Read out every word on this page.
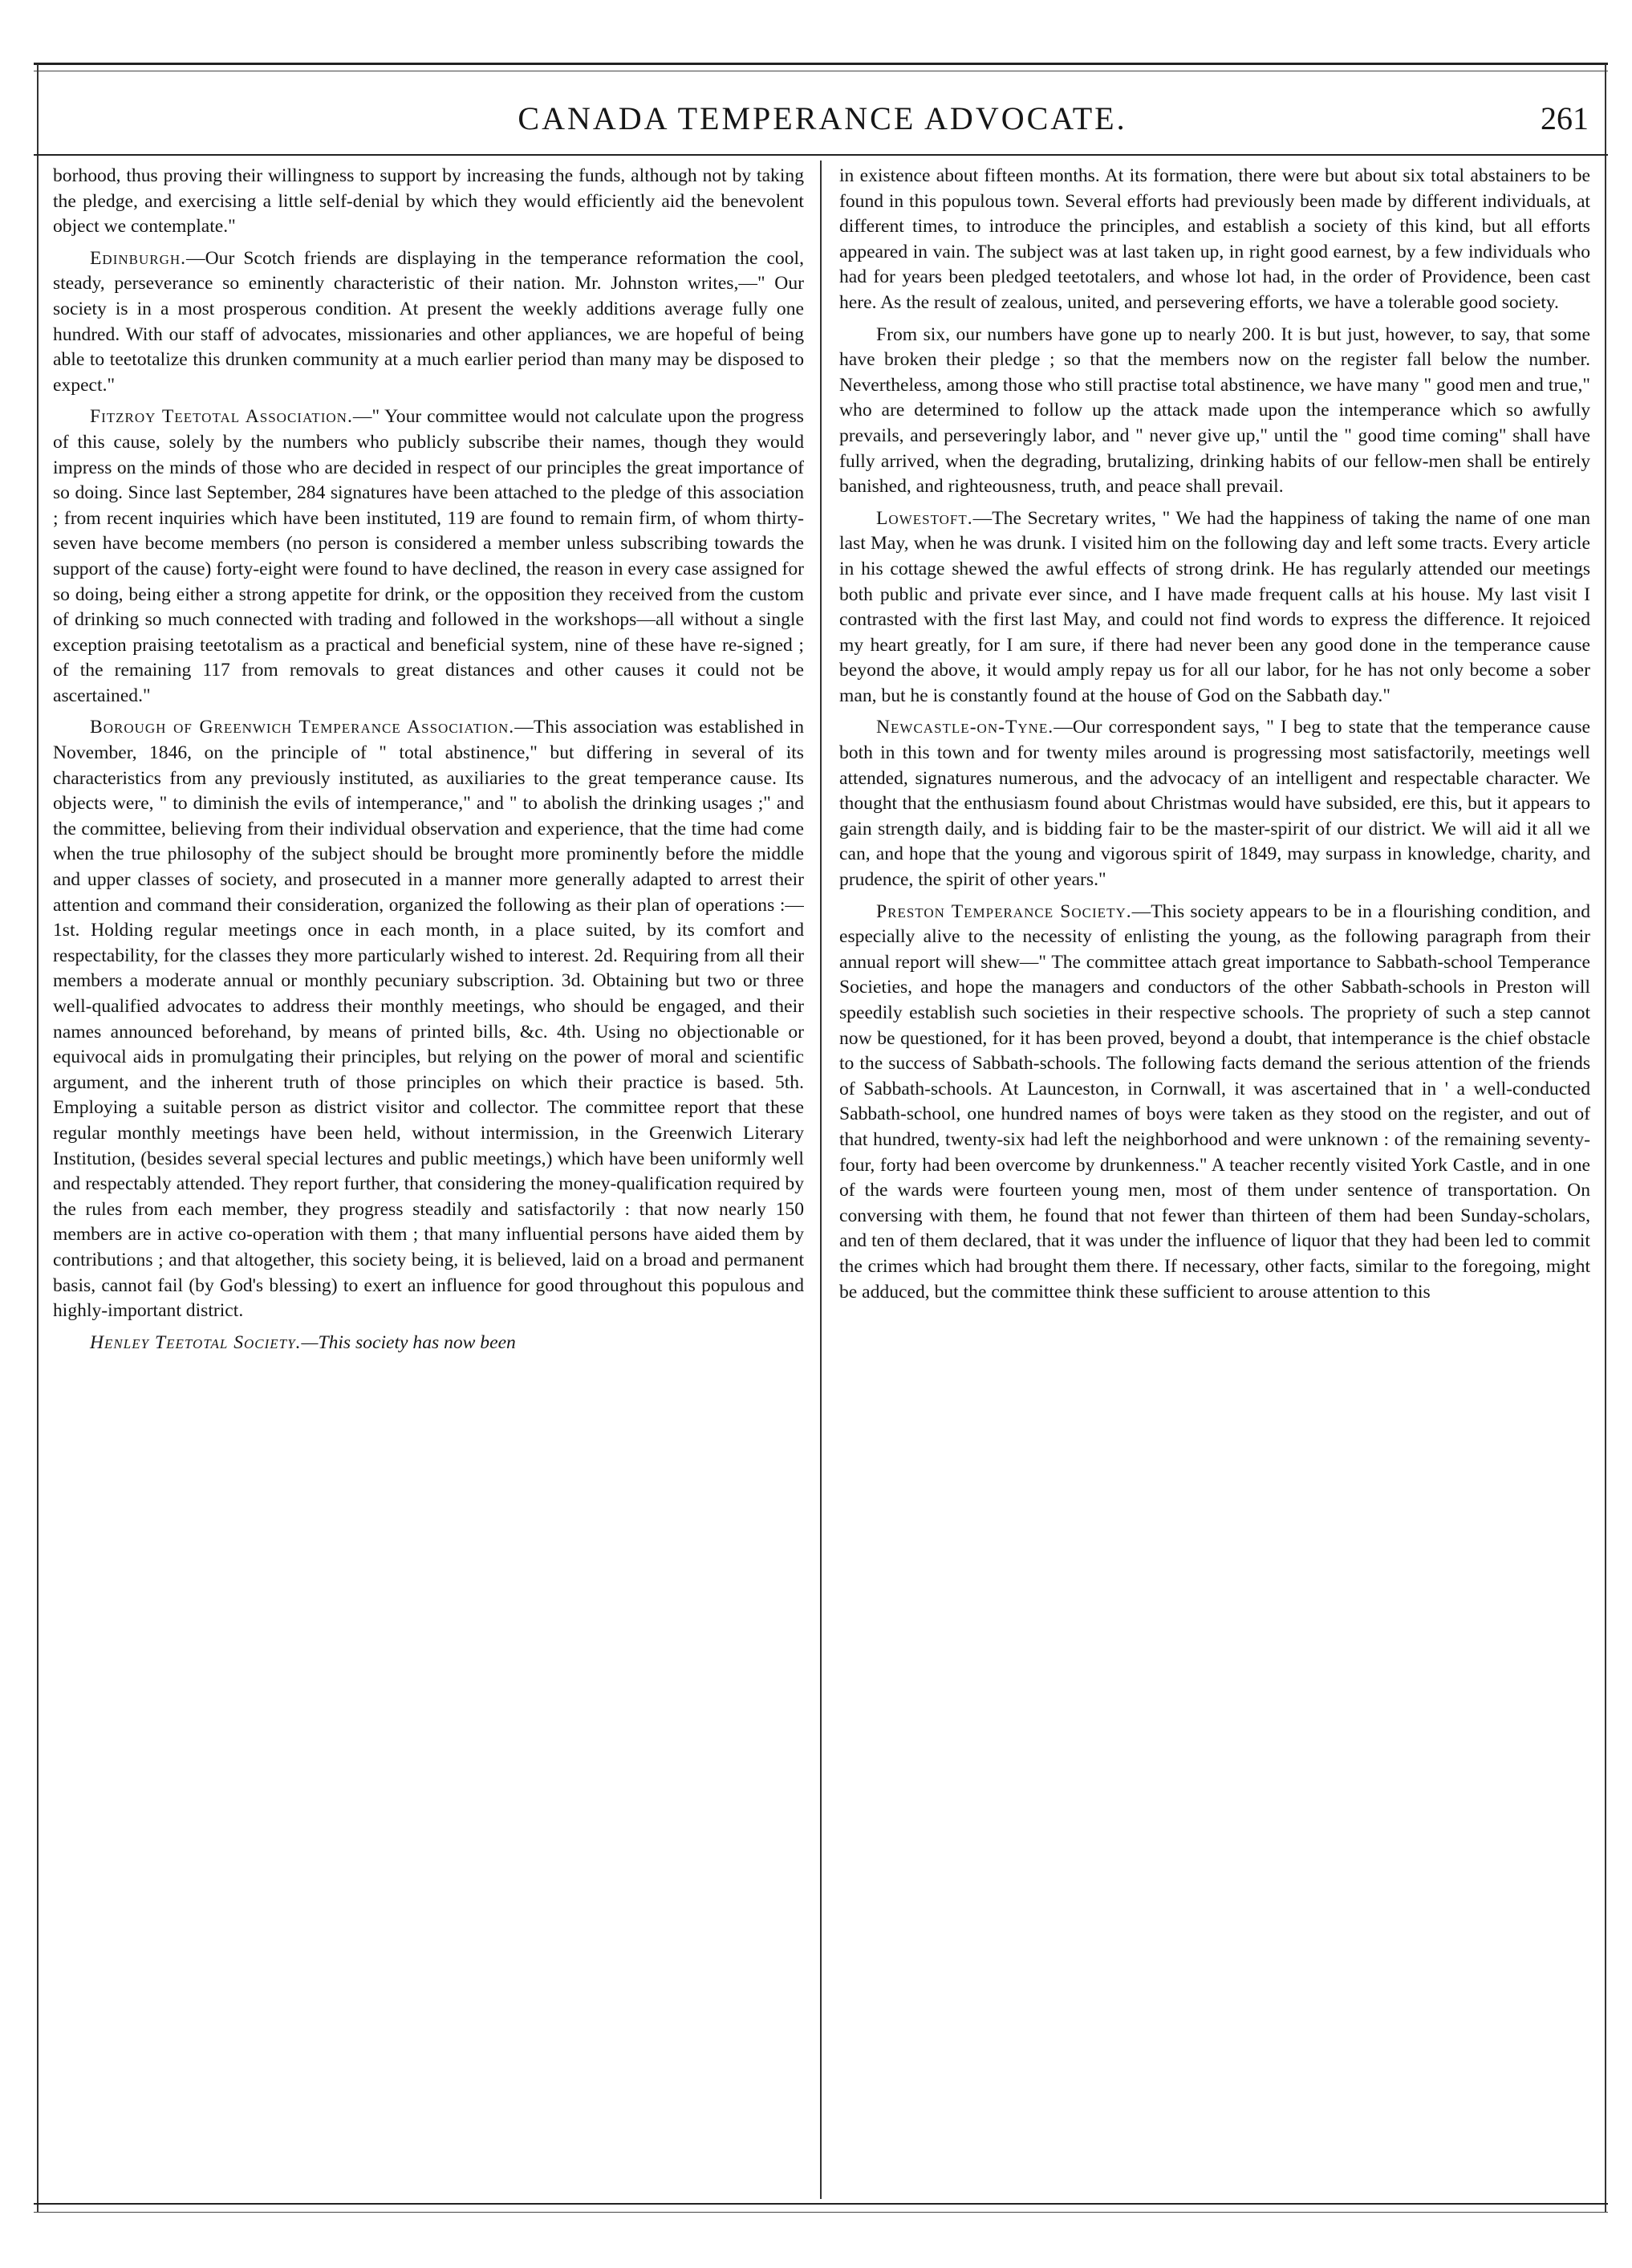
CANADA TEMPERANCE ADVOCATE.	261

borhood, thus proving their willingness to support by increasing the funds, although not by taking the pledge, and exercising a little self-denial by which they would efficiently aid the benevolent object we contemplate."

Edinburgh.—Our Scotch friends are displaying in the temperance reformation the cool, steady, perseverance so eminently characteristic of their nation. Mr. Johnston writes,—" Our society is in a most prosperous condition. At present the weekly additions average fully one hundred. With our staff of advocates, missionaries and other appliances, we are hopeful of being able to teetotalize this drunken community at a much earlier period than many may be disposed to expect."

Fitzroy Teetotal Association.—" Your committee would not calculate upon the progress of this cause, solely by the numbers who publicly subscribe their names, though they would impress on the minds of those who are decided in respect of our principles the great importance of so doing. Since last September, 284 signatures have been attached to the pledge of this association ; from recent inquiries which have been instituted, 119 are found to remain firm, of whom thirty-seven have become members (no person is considered a member unless subscribing towards the support of the cause) forty-eight were found to have declined, the reason in every case assigned for so doing, being either a strong appetite for drink, or the opposition they received from the custom of drinking so much connected with trading and followed in the workshops—all without a single exception praising teetotalism as a practical and beneficial system, nine of these have re-signed ; of the remaining 117 from removals to great distances and other causes it could not be ascertained."

Borough of Greenwich Temperance Association.—This association was established in November, 1846, on the principle of " total abstinence," but differing in several of its characteristics from any previously instituted, as auxiliaries to the great temperance cause. Its objects were, " to diminish the evils of intemperance," and " to abolish the drinking usages ;" and the committee, believing from their individual observation and experience, that the time had come when the true philosophy of the subject should be brought more prominently before the middle and upper classes of society, and prosecuted in a manner more generally adapted to arrest their attention and command their consideration, organized the following as their plan of operations :—1st. Holding regular meetings once in each month, in a place suited, by its comfort and respectability, for the classes they more particularly wished to interest. 2d. Requiring from all their members a moderate annual or monthly pecuniary subscription. 3d. Obtaining but two or three well-qualified advocates to address their monthly meetings, who should be engaged, and their names announced beforehand, by means of printed bills, &c. 4th. Using no objectionable or equivocal aids in promulgating their principles, but relying on the power of moral and scientific argument, and the inherent truth of those principles on which their practice is based. 5th. Employing a suitable person as district visitor and collector. The committee report that these regular monthly meetings have been held, without intermission, in the Greenwich Literary Institution, (besides several special lectures and public meetings,) which have been uniformly well and respectably attended. They report further, that considering the money-qualification required by the rules from each member, they progress steadily and satisfactorily : that now nearly 150 members are in active co-operation with them ; that many influential persons have aided them by contributions ; and that altogether, this society being, it is believed, laid on a broad and permanent basis, cannot fail (by God's blessing) to exert an influence for good throughout this populous and highly-important district.

Henley Teetotal Society.—This society has now been

in existence about fifteen months. At its formation, there were but about six total abstainers to be found in this populous town. Several efforts had previously been made by different individuals, at different times, to introduce the principles, and establish a society of this kind, but all efforts appeared in vain. The subject was at last taken up, in right good earnest, by a few individuals who had for years been pledged teetotalers, and whose lot had, in the order of Providence, been cast here. As the result of zealous, united, and persevering efforts, we have a tolerable good society.

From six, our numbers have gone up to nearly 200. It is but just, however, to say, that some have broken their pledge ; so that the members now on the register fall below the number. Nevertheless, among those who still practise total abstinence, we have many " good men and true," who are determined to follow up the attack made upon the intemperance which so awfully prevails, and perseveringly labor, and " never give up," until the " good time coming" shall have fully arrived, when the degrading, brutalizing, drinking habits of our fellow-men shall be entirely banished, and righteousness, truth, and peace shall prevail.

Lowestoft.—The Secretary writes, " We had the happiness of taking the name of one man last May, when he was drunk. I visited him on the following day and left some tracts. Every article in his cottage shewed the awful effects of strong drink. He has regularly attended our meetings both public and private ever since, and I have made frequent calls at his house. My last visit I contrasted with the first last May, and could not find words to express the difference. It rejoiced my heart greatly, for I am sure, if there had never been any good done in the temperance cause beyond the above, it would amply repay us for all our labor, for he has not only become a sober man, but he is constantly found at the house of God on the Sabbath day."

Newcastle-on-Tyne.—Our correspondent says, " I beg to state that the temperance cause both in this town and for twenty miles around is progressing most satisfactorily, meetings well attended, signatures numerous, and the advocacy of an intelligent and respectable character. We thought that the enthusiasm found about Christmas would have subsided, ere this, but it appears to gain strength daily, and is bidding fair to be the master-spirit of our district. We will aid it all we can, and hope that the young and vigorous spirit of 1849, may surpass in knowledge, charity, and prudence, the spirit of other years."

Preston Temperance Society.—This society appears to be in a flourishing condition, and especially alive to the necessity of enlisting the young, as the following paragraph from their annual report will shew—" The committee attach great importance to Sabbath-school Temperance Societies, and hope the managers and conductors of the other Sabbath-schools in Preston will speedily establish such societies in their respective schools. The propriety of such a step cannot now be questioned, for it has been proved, beyond a doubt, that intemperance is the chief obstacle to the success of Sabbath-schools. The following facts demand the serious attention of the friends of Sabbath-schools. At Launceston, in Cornwall, it was ascertained that in ' a well-conducted Sabbath-school, one hundred names of boys were taken as they stood on the register, and out of that hundred, twenty-six had left the neighborhood and were unknown : of the remaining seventy-four, forty had been overcome by drunkenness." A teacher recently visited York Castle, and in one of the wards were fourteen young men, most of them under sentence of transportation. On conversing with them, he found that not fewer than thirteen of them had been Sunday-scholars, and ten of them declared, that it was under the influence of liquor that they had been led to commit the crimes which had brought them there. If necessary, other facts, similar to the foregoing, might be adduced, but the committee think these sufficient to arouse attention to this
